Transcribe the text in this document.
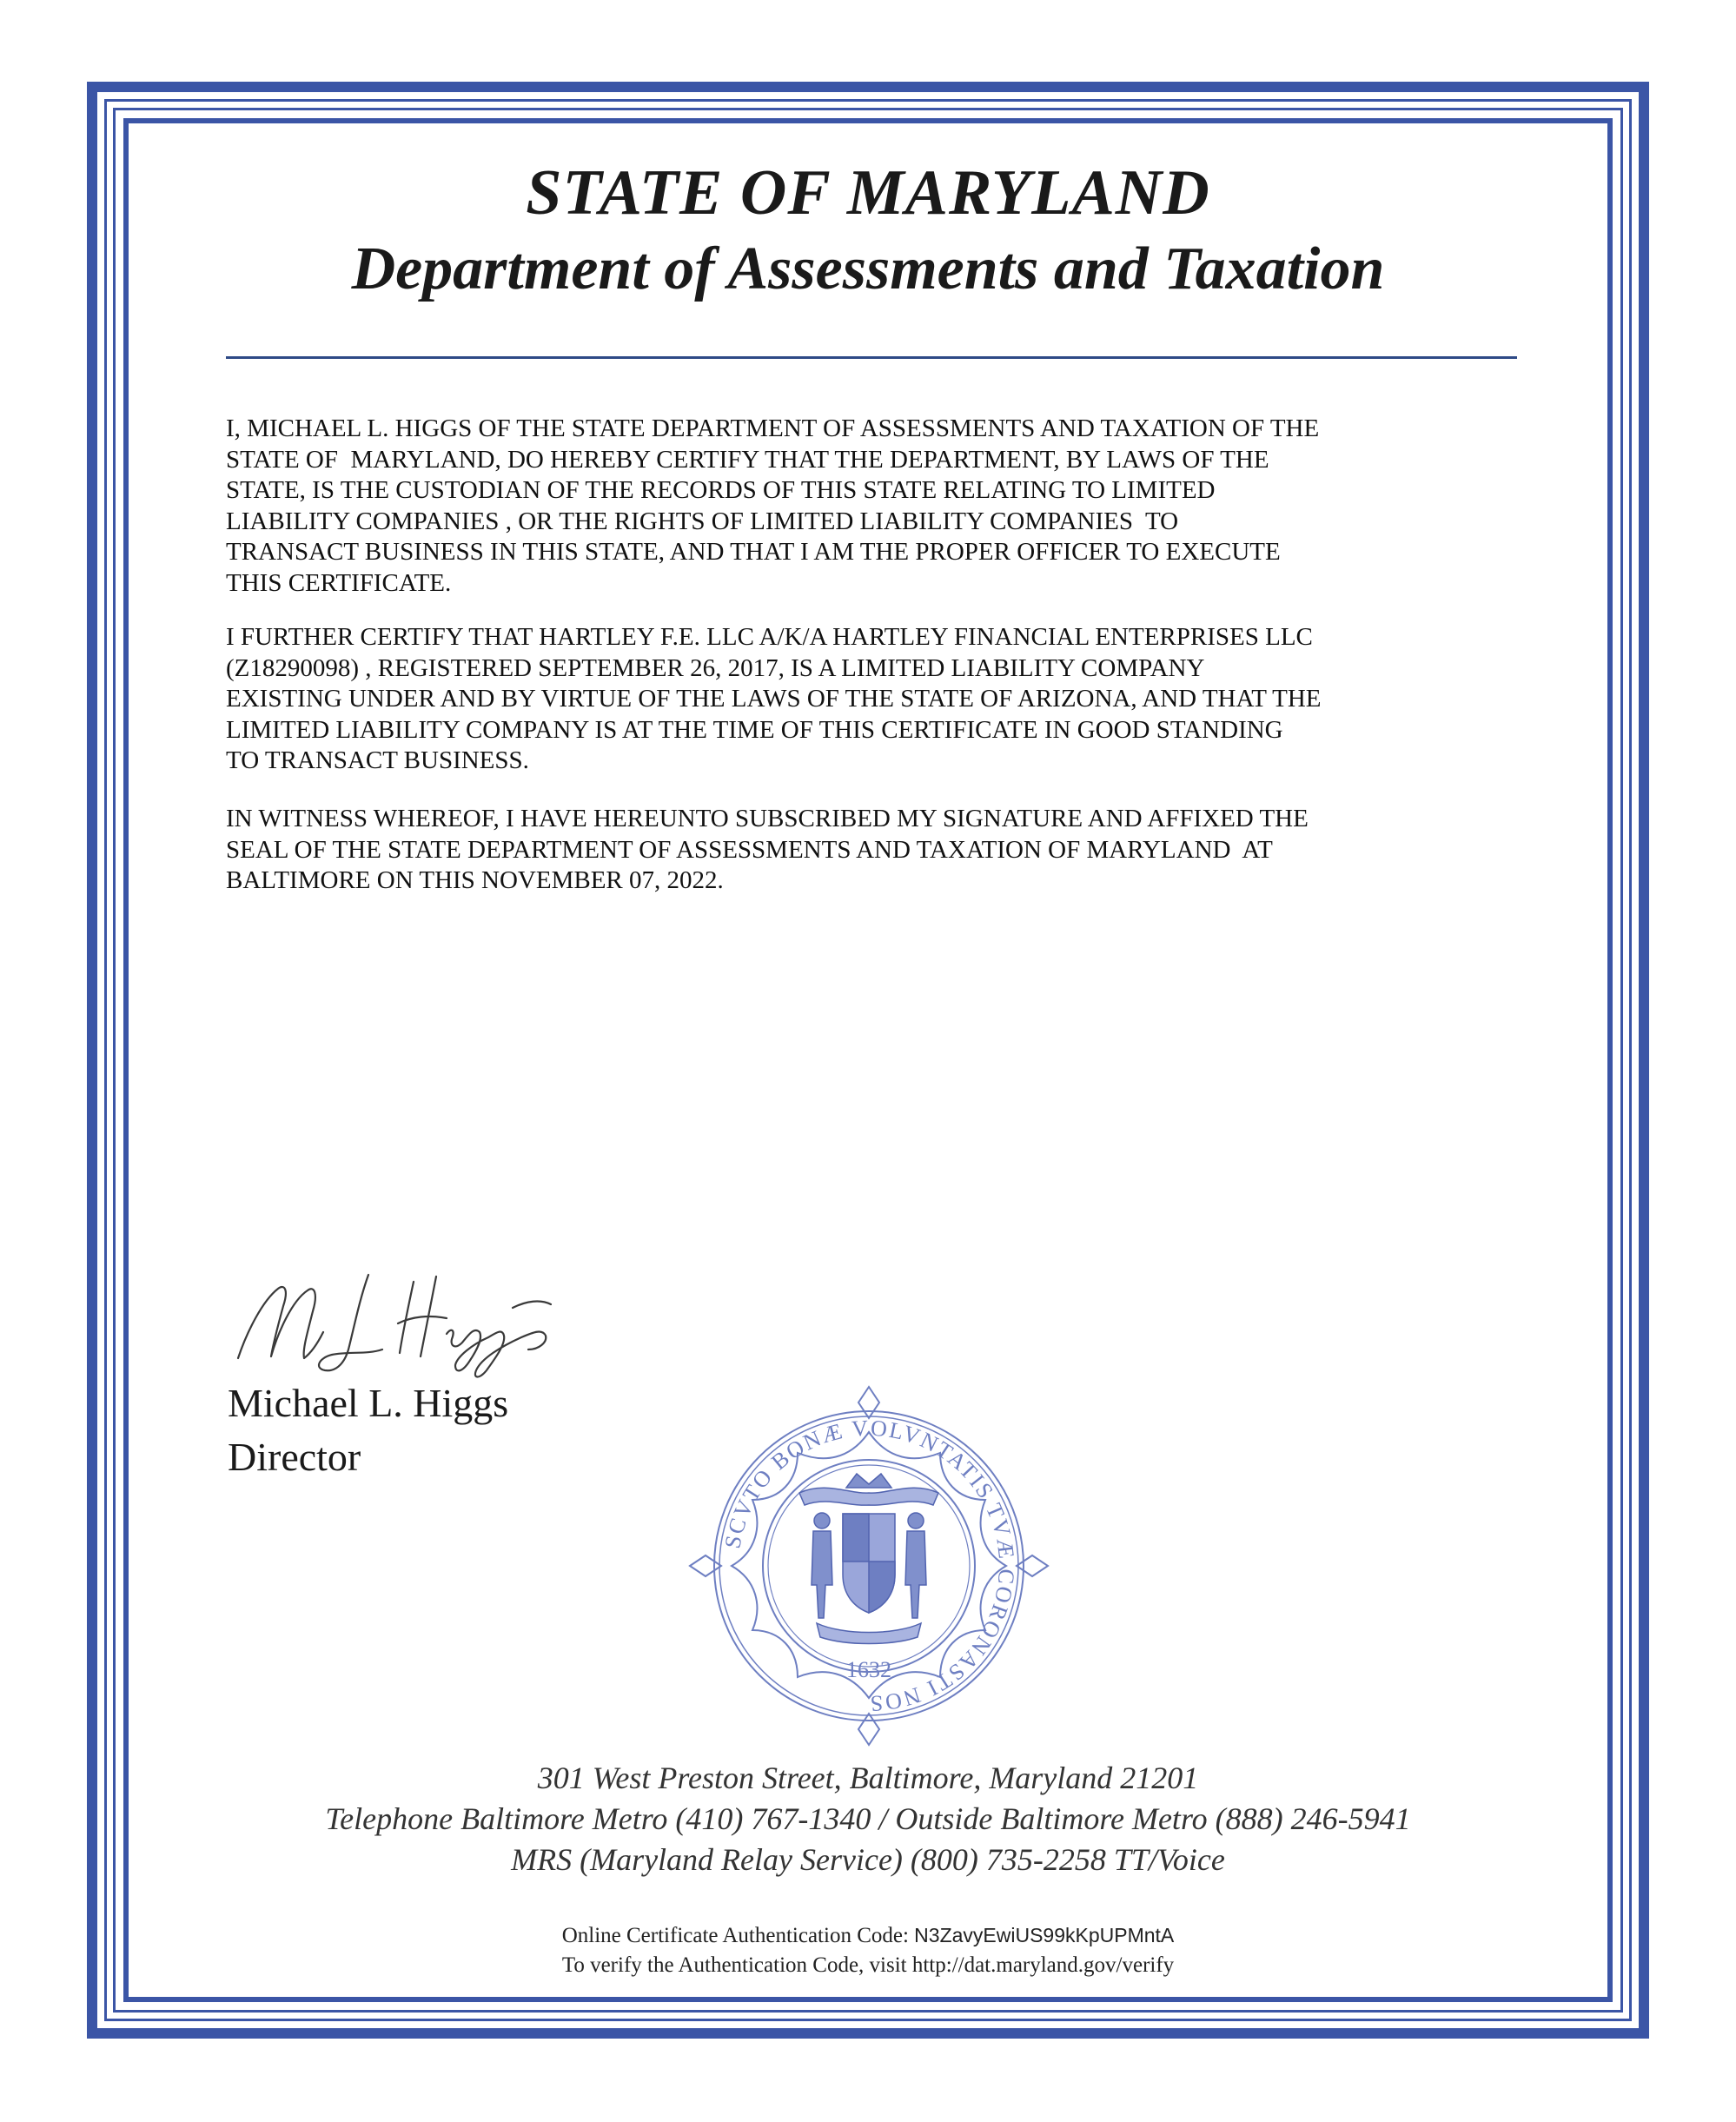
STATE OF MARYLAND
Department of Assessments and Taxation
I, MICHAEL L. HIGGS OF THE STATE DEPARTMENT OF ASSESSMENTS AND TAXATION OF THE
STATE OF  MARYLAND, DO HEREBY CERTIFY THAT THE DEPARTMENT, BY LAWS OF THE
STATE, IS THE CUSTODIAN OF THE RECORDS OF THIS STATE RELATING TO LIMITED
LIABILITY COMPANIES , OR THE RIGHTS OF LIMITED LIABILITY COMPANIES  TO
TRANSACT BUSINESS IN THIS STATE, AND THAT I AM THE PROPER OFFICER TO EXECUTE
THIS CERTIFICATE.
I FURTHER CERTIFY THAT HARTLEY F.E. LLC A/K/A HARTLEY FINANCIAL ENTERPRISES LLC
(Z18290098) , REGISTERED SEPTEMBER 26, 2017, IS A LIMITED LIABILITY COMPANY
EXISTING UNDER AND BY VIRTUE OF THE LAWS OF THE STATE OF ARIZONA, AND THAT THE
LIMITED LIABILITY COMPANY IS AT THE TIME OF THIS CERTIFICATE IN GOOD STANDING
TO TRANSACT BUSINESS.
IN WITNESS WHEREOF, I HAVE HEREUNTO SUBSCRIBED MY SIGNATURE AND AFFIXED THE
SEAL OF THE STATE DEPARTMENT OF ASSESSMENTS AND TAXATION OF MARYLAND  AT
BALTIMORE ON THIS NOVEMBER 07, 2022.
Michael L. Higgs
Director
SCVTO BONÆ VOLVNTATIS TVÆ CORONASTI NOS
1632
301 West Preston Street, Baltimore, Maryland 21201
Telephone Baltimore Metro (410) 767-1340 / Outside Baltimore Metro (888) 246-5941
MRS (Maryland Relay Service) (800) 735-2258 TT/Voice
Online Certificate Authentication Code: N3ZavyEwiUS99kKpUPMntA
To verify the Authentication Code, visit http://dat.maryland.gov/verify
